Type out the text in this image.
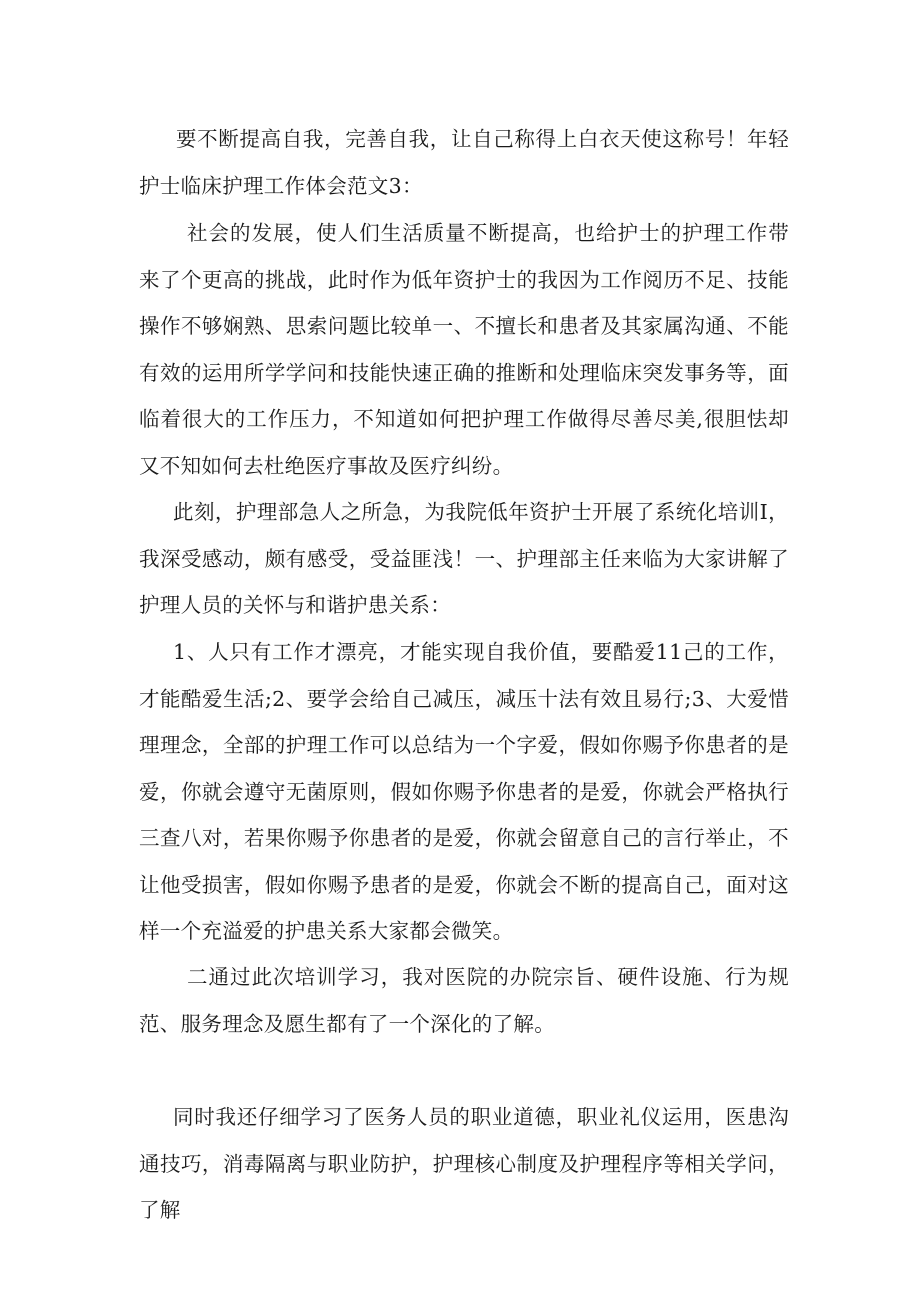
要不断提高自我，完善自我，让自己称得上白衣天使这称号！年轻护士临床护理工作体会范文3：

社会的发展，使人们生活质量不断提高，也给护士的护理工作带来了个更高的挑战，此时作为低年资护士的我因为工作阅历不足、技能操作不够娴熟、思索问题比较单一、不擅长和患者及其家属沟通、不能有效的运用所学学问和技能快速正确的推断和处理临床突发事务等，面临着很大的工作压力，不知道如何把护理工作做得尽善尽美,很胆怯却又不知如何去杜绝医疗事故及医疗纠纷。

此刻，护理部急人之所急，为我院低年资护士开展了系统化培训I，我深受感动，颇有感受，受益匪浅！一、护理部主任来临为大家讲解了护理人员的关怀与和谐护患关系：

1、人只有工作才漂亮，才能实现自我价值，要酷爱11己的工作，才能酷爱生活;2、要学会给自己减压，减压十法有效且易行;3、大爱惜理理念，全部的护理工作可以总结为一个字爱，假如你赐予你患者的是爱，你就会遵守无菌原则，假如你赐予你患者的是爱，你就会严格执行三查八对，若果你赐予你患者的是爱，你就会留意自己的言行举止，不让他受损害，假如你赐予患者的是爱，你就会不断的提高自己，面对这样一个充溢爱的护患关系大家都会微笑。

二通过此次培训学习，我对医院的办院宗旨、硬件设施、行为规范、服务理念及愿生都有了一个深化的了解。

同时我还仔细学习了医务人员的职业道德，职业礼仪运用，医患沟通技巧，消毒隔离与职业防护，护理核心制度及护理程序等相关学问，了解
